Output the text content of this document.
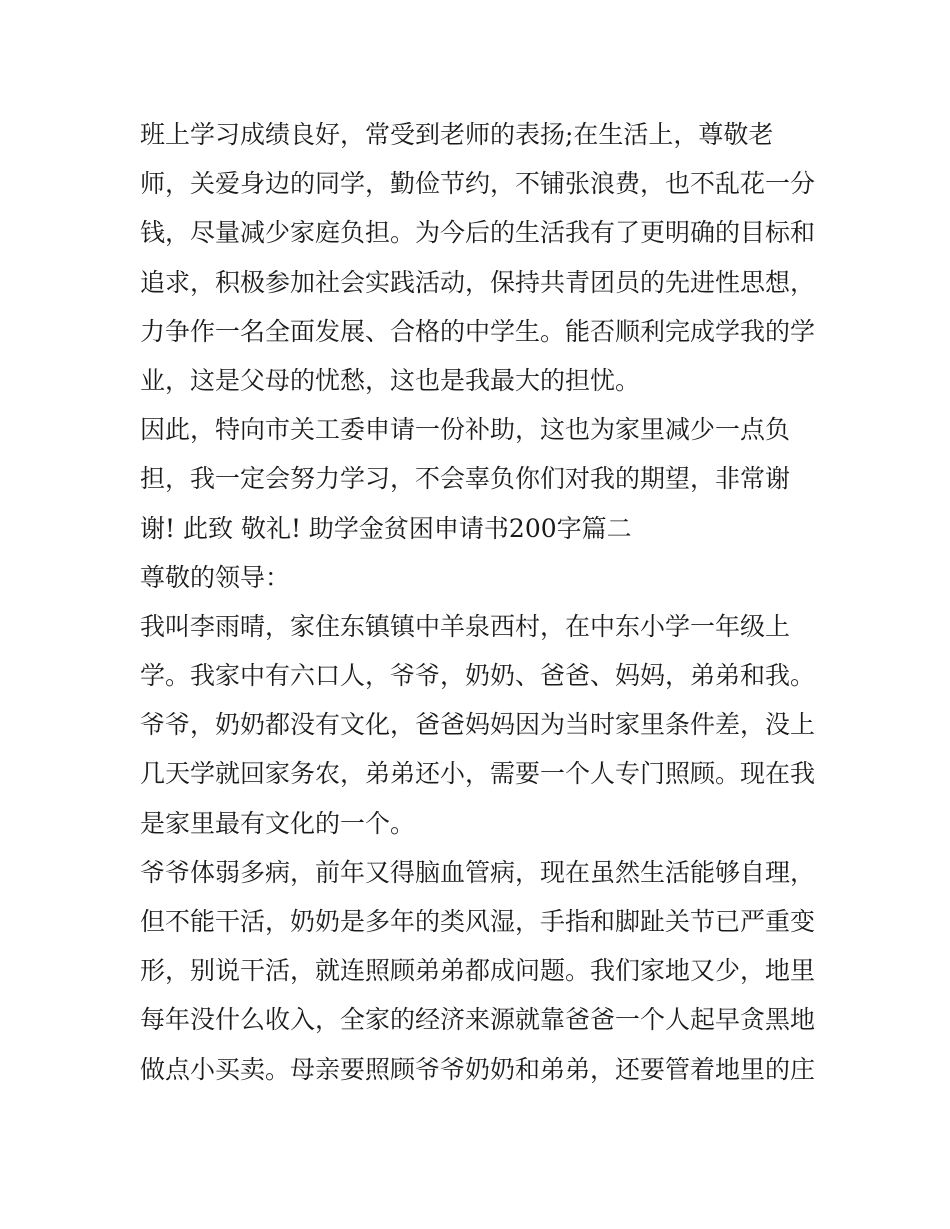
班上学习成绩良好，常受到老师的表扬;在生活上，尊敬老
师，关爱身边的同学，勤俭节约，不铺张浪费，也不乱花一分
钱，尽量减少家庭负担。为今后的生活我有了更明确的目标和
追求，积极参加社会实践活动，保持共青团员的先进性思想，
力争作一名全面发展、合格的中学生。能否顺利完成学我的学
业，这是父母的忧愁，这也是我最大的担忧。
因此，特向市关工委申请一份补助，这也为家里减少一点负
担，我一定会努力学习，不会辜负你们对我的期望，非常谢
谢! 此致 敬礼! 助学金贫困申请书200字篇二
尊敬的领导：
我叫李雨晴，家住东镇镇中羊泉西村，在中东小学一年级上
学。我家中有六口人，爷爷，奶奶、爸爸、妈妈，弟弟和我。
爷爷，奶奶都没有文化，爸爸妈妈因为当时家里条件差，没上
几天学就回家务农，弟弟还小，需要一个人专门照顾。现在我
是家里最有文化的一个。
爷爷体弱多病，前年又得脑血管病，现在虽然生活能够自理，
但不能干活，奶奶是多年的类风湿，手指和脚趾关节已严重变
形，别说干活，就连照顾弟弟都成问题。我们家地又少，地里
每年没什么收入，全家的经济来源就靠爸爸一个人起早贪黑地
做点小买卖。母亲要照顾爷爷奶奶和弟弟，还要管着地里的庄
